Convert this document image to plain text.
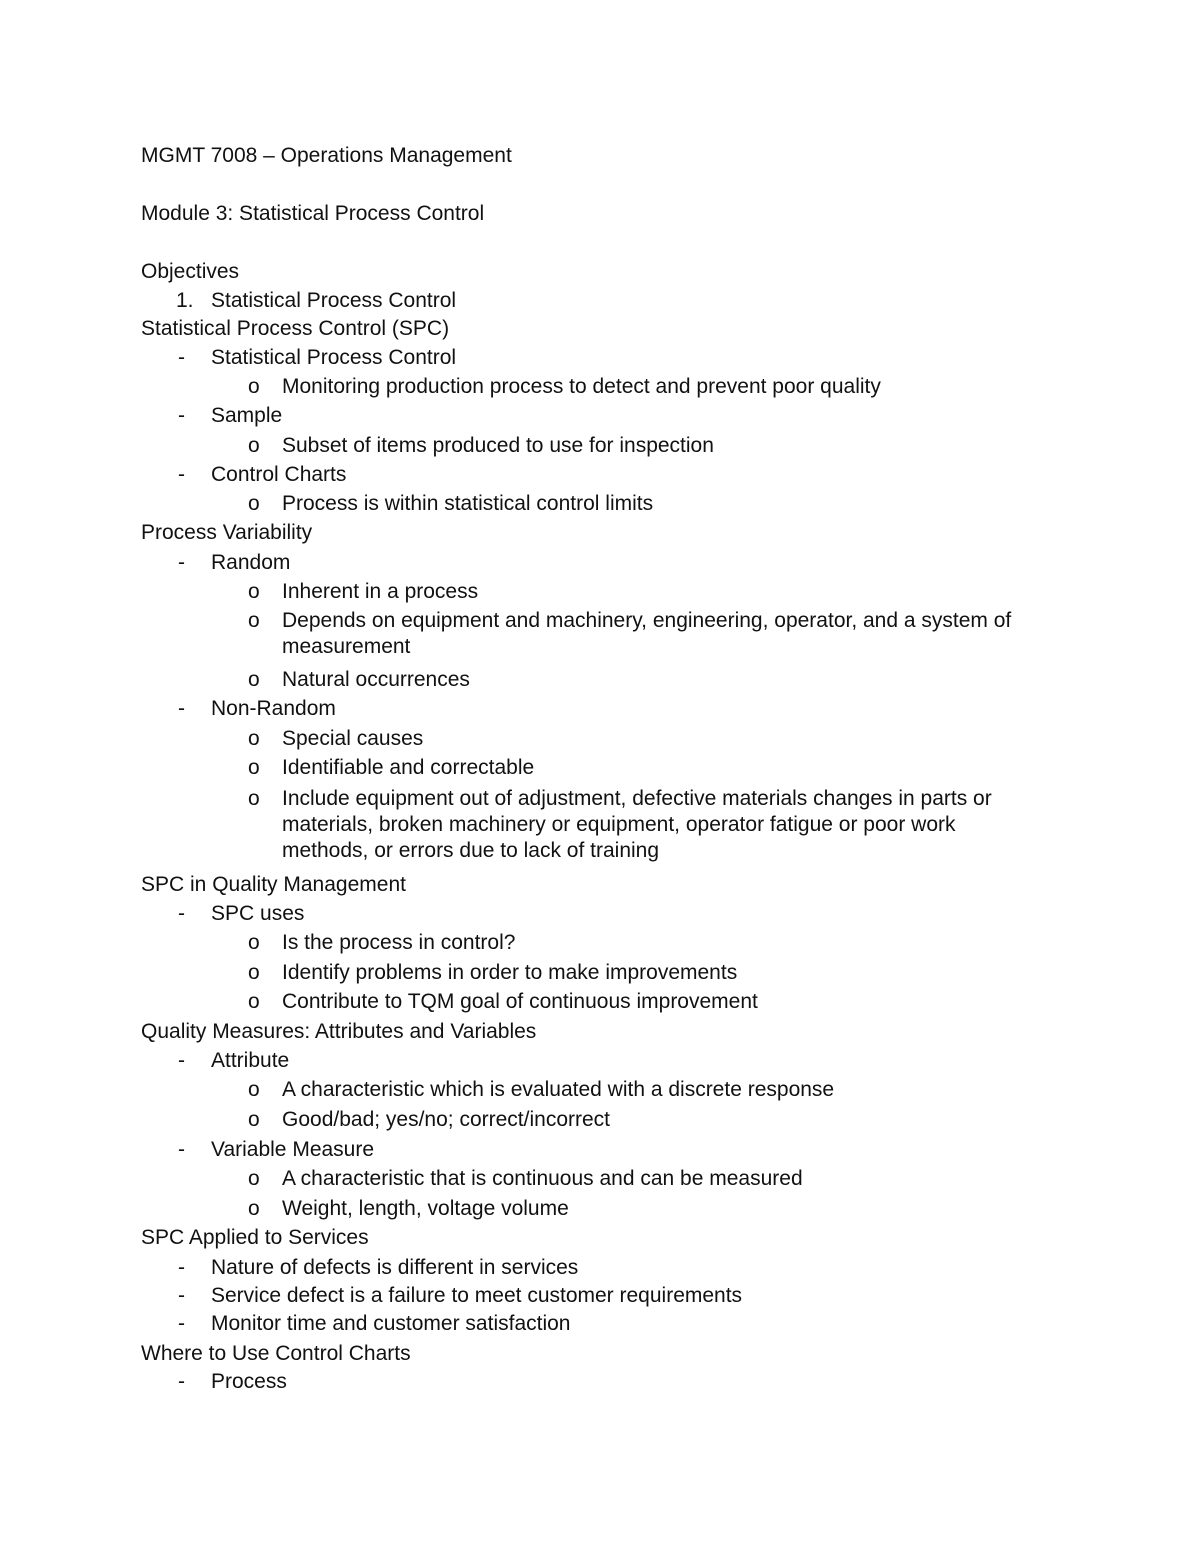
MGMT 7008 – Operations Management
Module 3: Statistical Process Control
Objectives
1. Statistical Process Control
Statistical Process Control (SPC)
- Statistical Process Control
o Monitoring production process to detect and prevent poor quality
- Sample
o Subset of items produced to use for inspection
- Control Charts
o Process is within statistical control limits
Process Variability
- Random
o Inherent in a process
o Depends on equipment and machinery, engineering, operator, and a system of measurement
o Natural occurrences
- Non-Random
o Special causes
o Identifiable and correctable
o Include equipment out of adjustment, defective materials changes in parts or materials, broken machinery or equipment, operator fatigue or poor work methods, or errors due to lack of training
SPC in Quality Management
- SPC uses
o Is the process in control?
o Identify problems in order to make improvements
o Contribute to TQM goal of continuous improvement
Quality Measures: Attributes and Variables
- Attribute
o A characteristic which is evaluated with a discrete response
o Good/bad; yes/no; correct/incorrect
- Variable Measure
o A characteristic that is continuous and can be measured
o Weight, length, voltage volume
SPC Applied to Services
- Nature of defects is different in services
- Service defect is a failure to meet customer requirements
- Monitor time and customer satisfaction
Where to Use Control Charts
- Process
